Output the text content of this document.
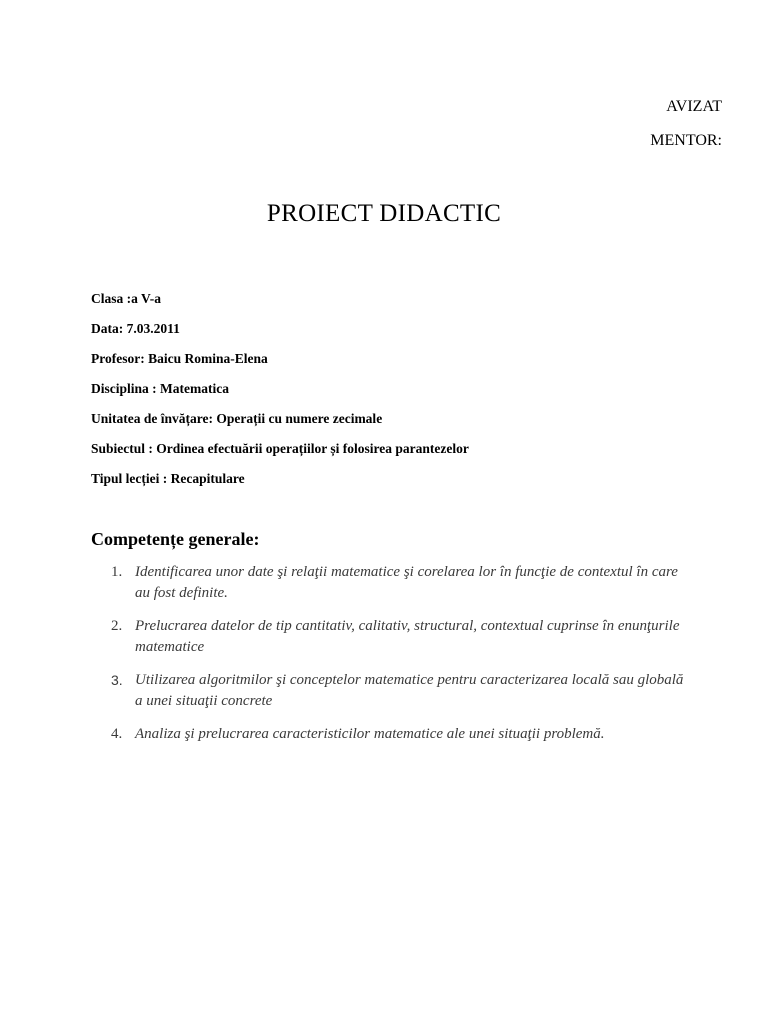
AVIZAT
MENTOR:
PROIECT DIDACTIC
Clasa :a V-a
Data: 7.03.2011
Profesor: Baicu Romina-Elena
Disciplina : Matematica
Unitatea de învățare: Operații cu numere zecimale
Subiectul : Ordinea efectuării operațiilor și folosirea parantezelor
Tipul lecției : Recapitulare
Competențe generale:
1. Identificarea unor date şi relaţii matematice şi corelarea lor în funcţie de contextul în care au fost definite.
2. Prelucrarea datelor de tip cantitativ, calitativ, structural, contextual cuprinse în enunţurile matematice
3. Utilizarea algoritmilor şi conceptelor matematice pentru caracterizarea locală sau globală a unei situaţii concrete
4. Analiza şi prelucrarea caracteristicilor matematice ale unei situaţii problemă.
